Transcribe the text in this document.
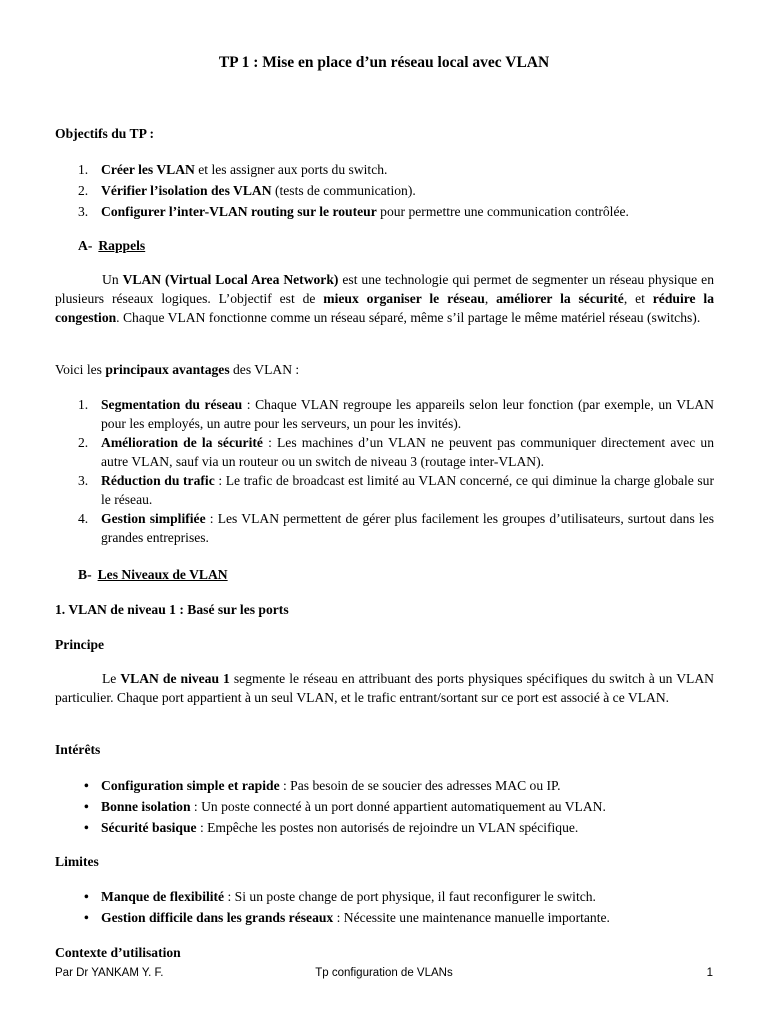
TP 1 : Mise en place d’un réseau local avec VLAN
Objectifs du TP :
1. Créer les VLAN et les assigner aux ports du switch.
2. Vérifier l’isolation des VLAN (tests de communication).
3. Configurer l’inter-VLAN routing sur le routeur pour permettre une communication contrôlée.
A- Rappels
Un VLAN (Virtual Local Area Network) est une technologie qui permet de segmenter un réseau physique en plusieurs réseaux logiques. L’objectif est de mieux organiser le réseau, améliorer la sécurité, et réduire la congestion. Chaque VLAN fonctionne comme un réseau séparé, même s’il partage le même matériel réseau (switchs).
Voici les principaux avantages des VLAN :
1. Segmentation du réseau : Chaque VLAN regroupe les appareils selon leur fonction (par exemple, un VLAN pour les employés, un autre pour les serveurs, un pour les invités).
2. Amélioration de la sécurité : Les machines d’un VLAN ne peuvent pas communiquer directement avec un autre VLAN, sauf via un routeur ou un switch de niveau 3 (routage inter-VLAN).
3. Réduction du trafic : Le trafic de broadcast est limité au VLAN concerné, ce qui diminue la charge globale sur le réseau.
4. Gestion simplifiée : Les VLAN permettent de gérer plus facilement les groupes d’utilisateurs, surtout dans les grandes entreprises.
B- Les Niveaux de VLAN
1. VLAN de niveau 1 : Basé sur les ports
Principe
Le VLAN de niveau 1 segmente le réseau en attribuant des ports physiques spécifiques du switch à un VLAN particulier. Chaque port appartient à un seul VLAN, et le trafic entrant/sortant sur ce port est associé à ce VLAN.
Intérêts
• Configuration simple et rapide : Pas besoin de se soucier des adresses MAC ou IP.
• Bonne isolation : Un poste connecté à un port donné appartient automatiquement au VLAN.
• Sécurité basique : Empêche les postes non autorisés de rejoindre un VLAN spécifique.
Limites
• Manque de flexibilité : Si un poste change de port physique, il faut reconfigurer le switch.
• Gestion difficile dans les grands réseaux : Nécessite une maintenance manuelle importante.
Contexte d’utilisation
Par Dr YANKAM Y. F.	Tp configuration de VLANs	1
